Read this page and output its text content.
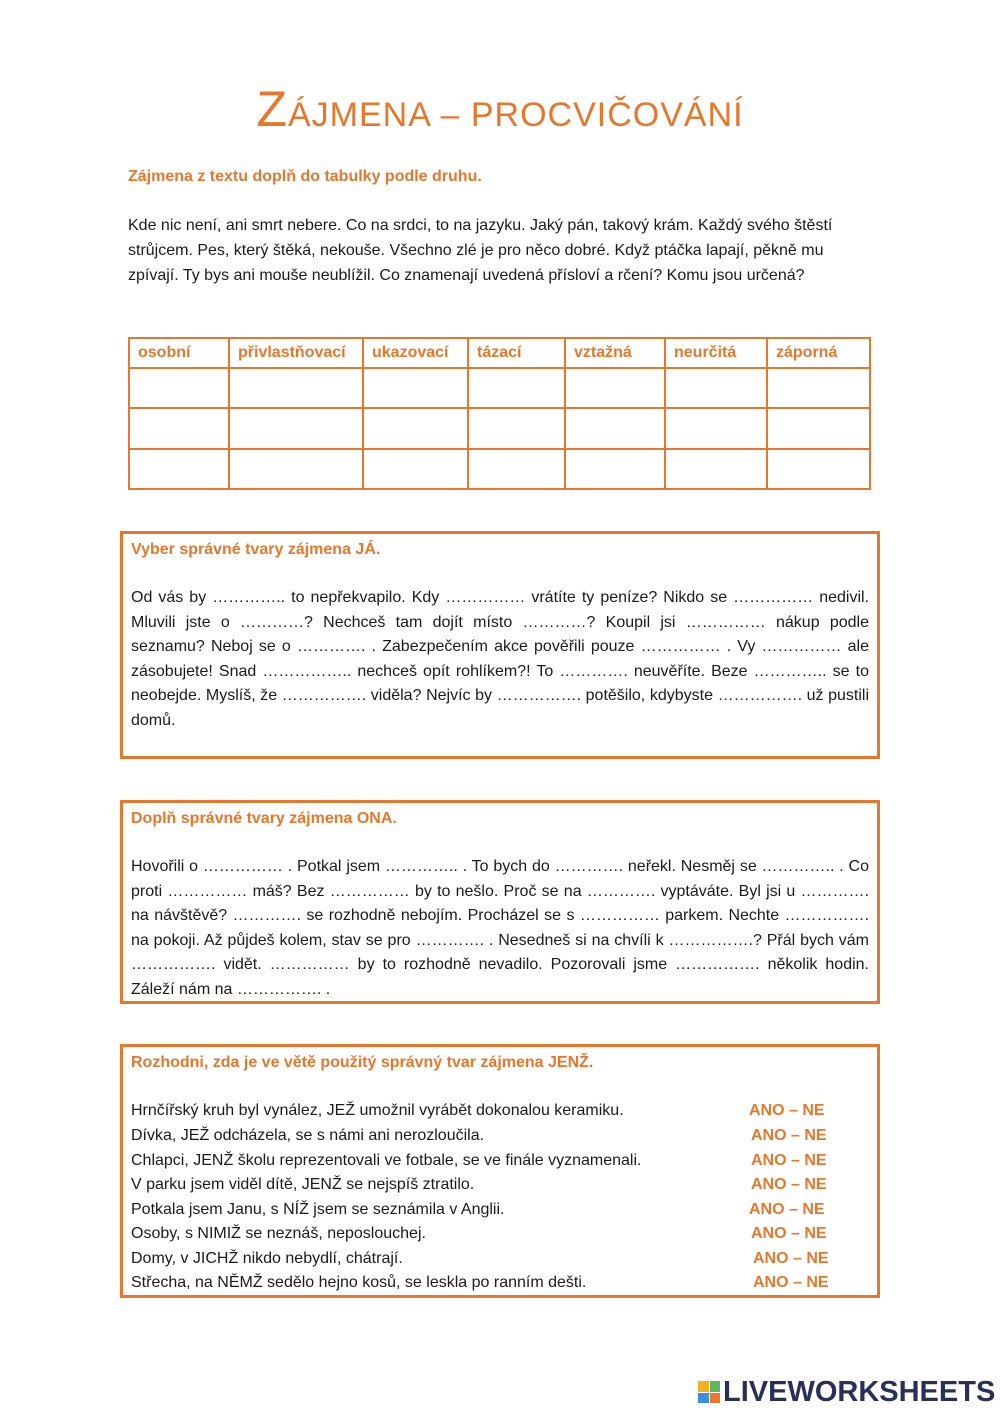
ZÁJMENA – PROCVIČOVÁNÍ
Zájmena z textu doplň do tabulky podle druhu.
Kde nic není, ani smrt nebere. Co na srdci, to na jazyku. Jaký pán, takový krám. Každý svého štěstí strůjcem. Pes, který štěká, nekouše. Všechno zlé je pro něco dobré. Když ptáčka lapají, pěkně mu zpívají. Ty bys ani mouše neublížil. Co znamenají uvedená přísloví a rčení? Komu jsou určená?
osobní	přivlastňovací	ukazovací	tázací	vztažná	neurčitá	záporná

Vyber správné tvary zájmena JÁ.
Od vás by ………….. to nepřekvapilo. Kdy …………… vrátíte ty peníze? Nikdo se …………… nedivil. Mluvili jste o …………? Nechceš tam dojít místo …………? Koupil jsi …………… nákup podle seznamu? Neboj se o …………. . Zabezpečením akce pověřili pouze …………… . Vy …………… ale zásobujete! Snad …………….. nechceš opít rohlíkem?! To …………. neuvěříte. Beze ………….. se to neobejde. Myslíš, že ……………. viděla? Nejvíc by ……………. potěšilo, kdybyste ……………. už pustili domů.
Doplň správné tvary zájmena ONA.
Hovořili o …………… . Potkal jsem ………….. . To bych do …………. neřekl. Nesměj se ………….. . Co proti …………… máš? Bez …………… by to nešlo. Proč se na …………. vyptáváte. Byl jsi u …………. na návštěvě? …………. se rozhodně nebojím. Procházel se s …………… parkem. Nechte ……………. na pokoji. Až půjdeš kolem, stav se pro …………. . Nesedneš si na chvíli k …………….? Přál bych vám ……………. vidět. …………… by to rozhodně nevadilo. Pozorovali jsme ……………. několik hodin. Záleží nám na ……………. .
Rozhodni, zda je ve větě použitý správný tvar zájmena JENŽ.
Hrnčířský kruh byl vynález, JEŽ umožnil vyrábět dokonalou keramiku.	ANO – NE
Dívka, JEŽ odcházela, se s námi ani nerozloučila.	ANO – NE
Chlapci, JENŽ školu reprezentovali ve fotbale, se ve finále vyznamenali.	ANO – NE
V parku jsem viděl dítě, JENŽ se nejspíš ztratilo.	ANO – NE
Potkala jsem Janu, s NÍŽ jsem se seznámila v Anglii.	ANO – NE
Osoby, s NIMIŽ se neznáš, neposlouchej.	ANO – NE
Domy, v JICHŽ nikdo nebydlí, chátrají.	ANO – NE
Střecha, na NĚMŽ sedělo hejno kosů, se leskla po ranním dešti.	ANO – NE
LIVEWORKSHEETS
